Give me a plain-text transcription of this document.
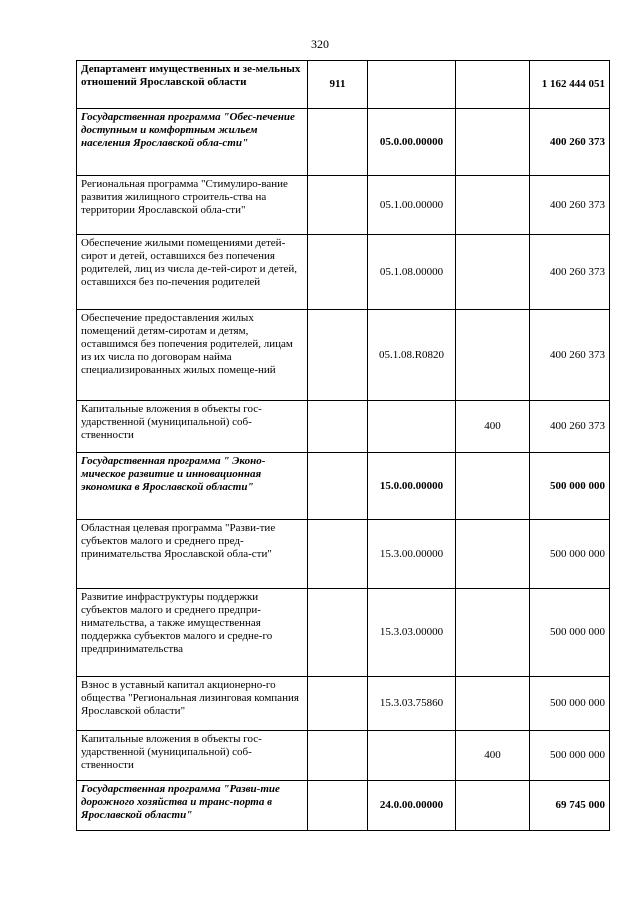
320
Департамент имущественных и зе-мельных отношений Ярославской области	911			1 162 444 051
Государственная программа "Обес-печение доступным и комфортным жильем населения Ярославской обла-сти"		05.0.00.00000		400 260 373
Региональная программа "Стимулиро-вание развития жилищного строитель-ства на территории Ярославской обла-сти"		05.1.00.00000		400 260 373
Обеспечение жилыми помещениями детей-сирот и детей, оставшихся без попечения родителей, лиц из числа де-тей-сирот и детей, оставшихся без по-печения родителей		05.1.08.00000		400 260 373
Обеспечение предоставления жилых помещений детям-сиротам и детям, оставшимся без попечения родителей, лицам из их числа по договорам найма специализированных жилых помеще-ний		05.1.08.R0820		400 260 373
Капитальные вложения в объекты гос-ударственной (муниципальной) соб-ственности			400	400 260 373
Государственная программа " Эконо-мическое развитие и инновационная экономика в Ярославской области"		15.0.00.00000		500 000 000
Областная целевая программа "Разви-тие субъектов малого и среднего пред-принимательства Ярославской обла-сти"		15.3.00.00000		500 000 000
Развитие инфраструктуры поддержки субъектов малого и среднего предпри-нимательства, а также имущественная поддержка субъектов малого и средне-го предпринимательства		15.3.03.00000		500 000 000
Взнос в уставный капитал акционерно-го общества "Региональная лизинговая компания Ярославской области"		15.3.03.75860		500 000 000
Капитальные вложения в объекты гос-ударственной (муниципальной) соб-ственности			400	500 000 000
Государственная программа "Разви-тие дорожного хозяйства и транс-порта в Ярославской области"		24.0.00.00000		69 745 000
